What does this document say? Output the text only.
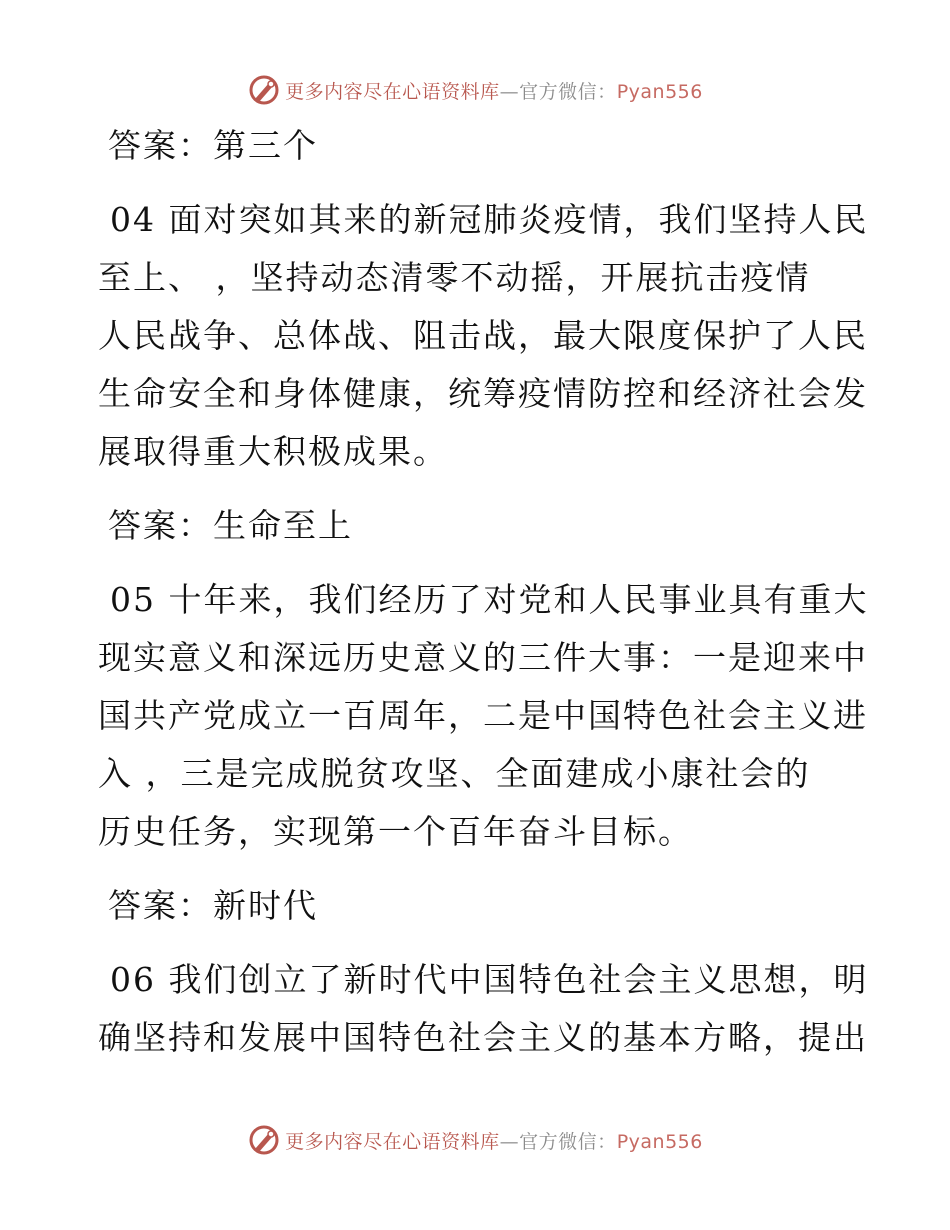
更多内容尽在心语资料库—官方微信：Pyan556
答案：第三个
04 面对突如其来的新冠肺炎疫情，我们坚持人民
至上、 ，坚持动态清零不动摇，开展抗击疫情
人民战争、总体战、阻击战，最大限度保护了人民
生命安全和身体健康，统筹疫情防控和经济社会发
展取得重大积极成果。
答案：生命至上
05 十年来，我们经历了对党和人民事业具有重大
现实意义和深远历史意义的三件大事：一是迎来中
国共产党成立一百周年，二是中国特色社会主义进
入 ，三是完成脱贫攻坚、全面建成小康社会的
历史任务，实现第一个百年奋斗目标。
答案：新时代
06 我们创立了新时代中国特色社会主义思想，明
确坚持和发展中国特色社会主义的基本方略，提出
更多内容尽在心语资料库—官方微信：Pyan556
